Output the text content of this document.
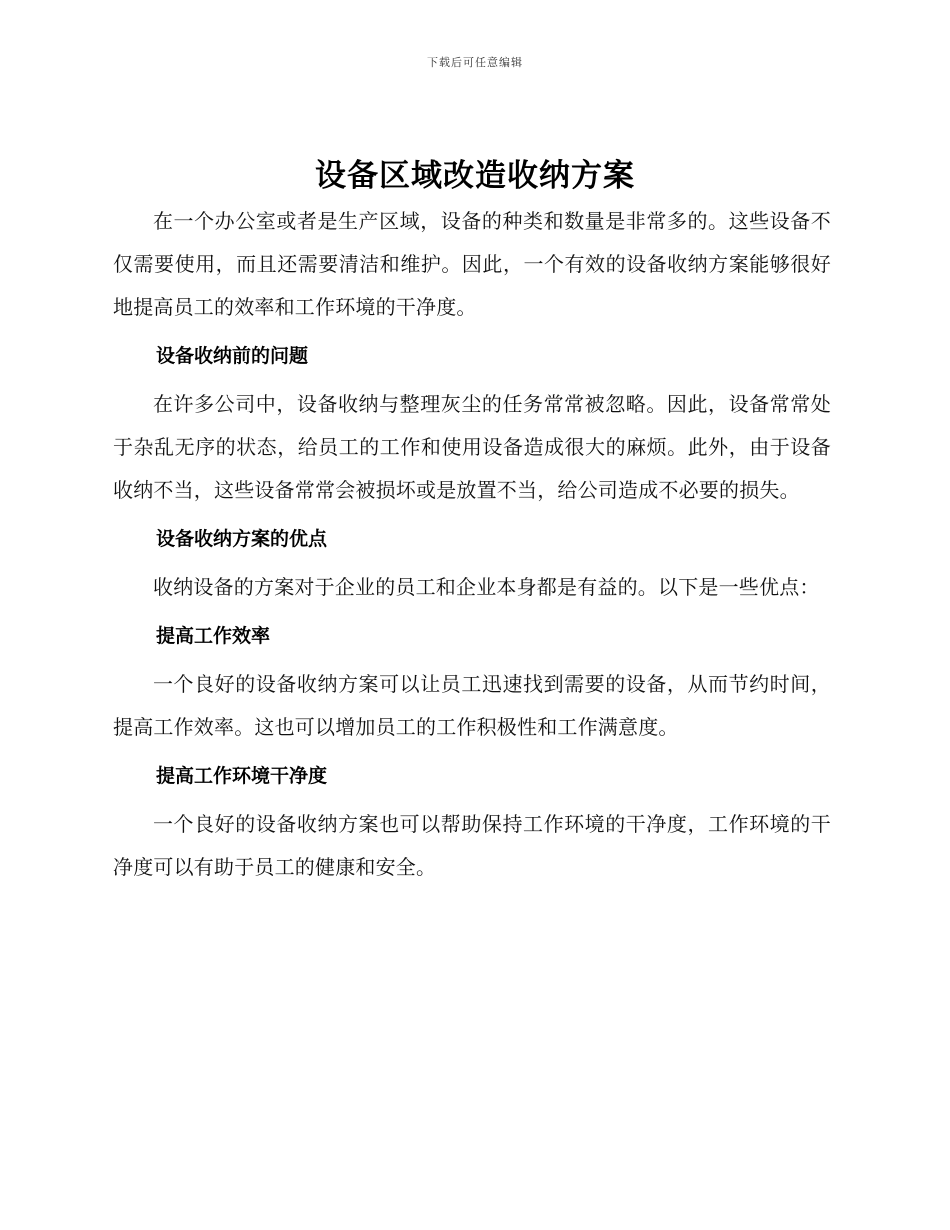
下载后可任意编辑
设备区域改造收纳方案

在一个办公室或者是生产区域，设备的种类和数量是非常多的。这些设备不仅需要使用，而且还需要清洁和维护。因此，一个有效的设备收纳方案能够很好地提高员工的效率和工作环境的干净度。

设备收纳前的问题

在许多公司中，设备收纳与整理灰尘的任务常常被忽略。因此，设备常常处于杂乱无序的状态，给员工的工作和使用设备造成很大的麻烦。此外，由于设备收纳不当，这些设备常常会被损坏或是放置不当，给公司造成不必要的损失。

设备收纳方案的优点

收纳设备的方案对于企业的员工和企业本身都是有益的。以下是一些优点：

提高工作效率

一个良好的设备收纳方案可以让员工迅速找到需要的设备，从而节约时间，提高工作效率。这也可以增加员工的工作积极性和工作满意度。

提高工作环境干净度

一个良好的设备收纳方案也可以帮助保持工作环境的干净度，工作环境的干净度可以有助于员工的健康和安全。
